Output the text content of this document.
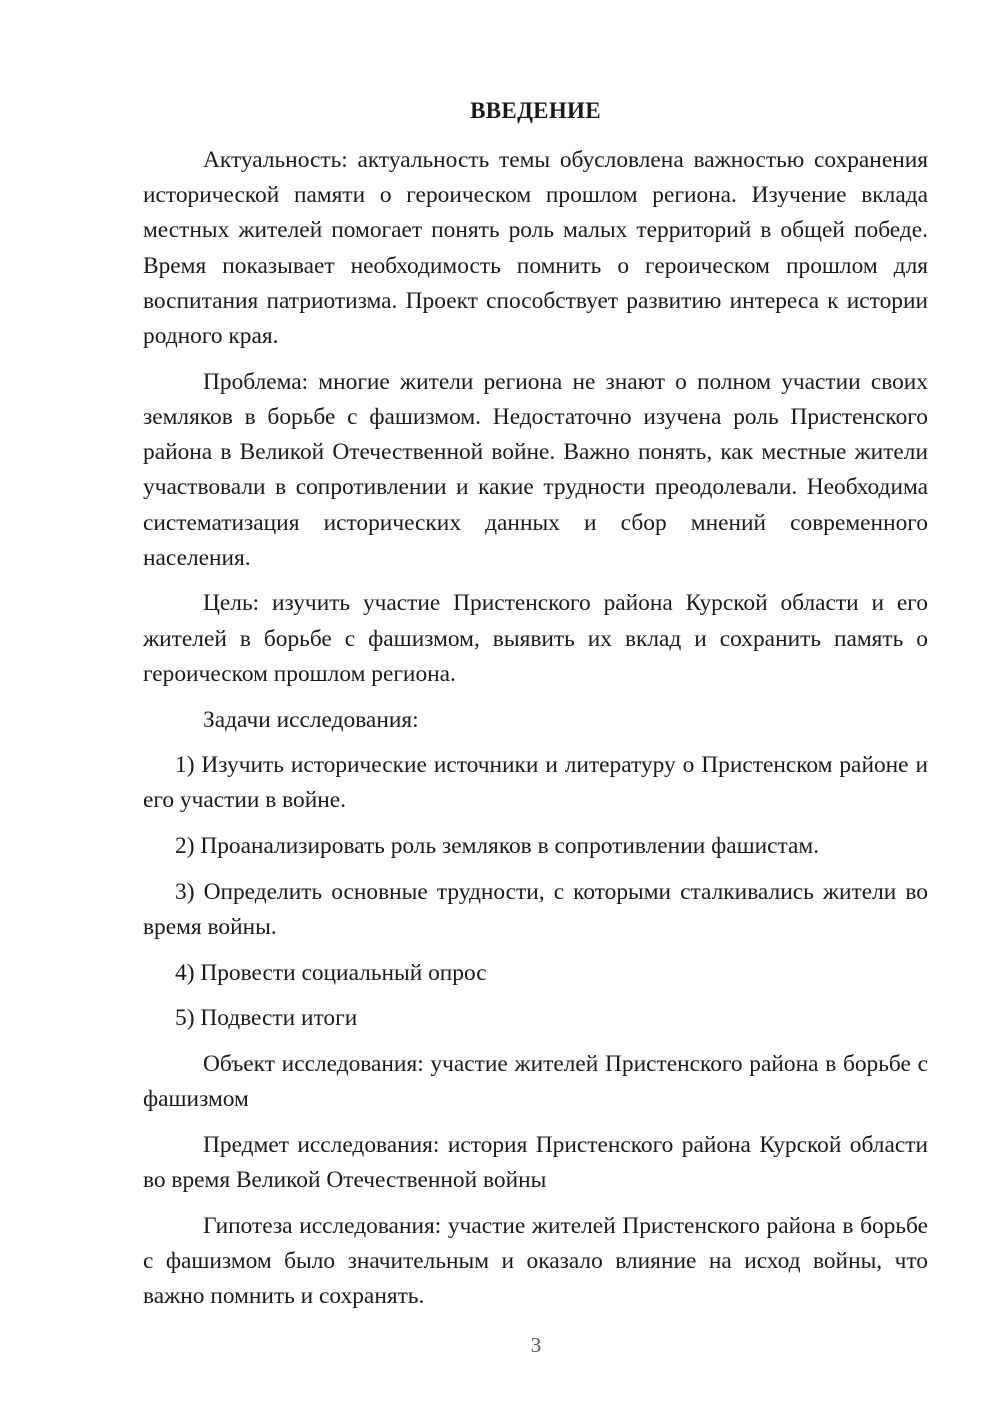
ВВЕДЕНИЕ

Актуальность: актуальность темы обусловлена важностью сохранения исторической памяти о героическом прошлом региона. Изучение вклада местных жителей помогает понять роль малых территорий в общей победе. Время показывает необходимость помнить о героическом прошлом для воспитания патриотизма. Проект способствует развитию интереса к истории родного края.

Проблема: многие жители региона не знают о полном участии своих земляков в борьбе с фашизмом. Недостаточно изучена роль Пристенского района в Великой Отечественной войне. Важно понять, как местные жители участвовали в сопротивлении и какие трудности преодолевали. Необходима систематизация исторических данных и сбор мнений современного населения.

Цель: изучить участие Пристенского района Курской области и его жителей в борьбе с фашизмом, выявить их вклад и сохранить память о героическом прошлом региона.

Задачи исследования:

1) Изучить исторические источники и литературу о Пристенском районе и его участии в войне.

2) Проанализировать роль земляков в сопротивлении фашистам.

3) Определить основные трудности, с которыми сталкивались жители во время войны.

4) Провести социальный опрос

5) Подвести итоги

Объект исследования: участие жителей Пристенского района в борьбе с фашизмом

Предмет исследования: история Пристенского района Курской области во время Великой Отечественной войны

Гипотеза исследования: участие жителей Пристенского района в борьбе с фашизмом было значительным и оказало влияние на исход войны, что важно помнить и сохранять.

3
